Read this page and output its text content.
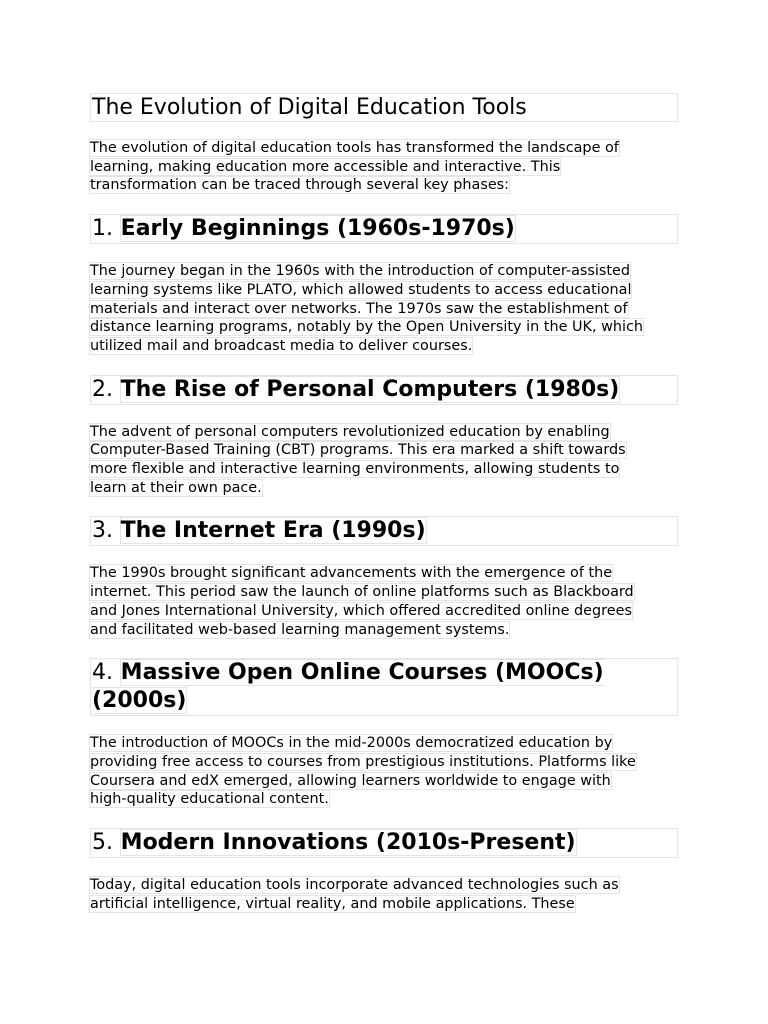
The Evolution of Digital Education Tools

The evolution of digital education tools has transformed the landscape of
learning, making education more accessible and interactive. This
transformation can be traced through several key phases:

1. Early Beginnings (1960s-1970s)

The journey began in the 1960s with the introduction of computer-assisted
learning systems like PLATO, which allowed students to access educational
materials and interact over networks. The 1970s saw the establishment of
distance learning programs, notably by the Open University in the UK, which
utilized mail and broadcast media to deliver courses.

2. The Rise of Personal Computers (1980s)

The advent of personal computers revolutionized education by enabling
Computer-Based Training (CBT) programs. This era marked a shift towards
more flexible and interactive learning environments, allowing students to
learn at their own pace.

3. The Internet Era (1990s)

The 1990s brought significant advancements with the emergence of the
internet. This period saw the launch of online platforms such as Blackboard
and Jones International University, which offered accredited online degrees
and facilitated web-based learning management systems.

4. Massive Open Online Courses (MOOCs) (2000s)

The introduction of MOOCs in the mid-2000s democratized education by
providing free access to courses from prestigious institutions. Platforms like
Coursera and edX emerged, allowing learners worldwide to engage with
high-quality educational content.

5. Modern Innovations (2010s-Present)

Today, digital education tools incorporate advanced technologies such as
artificial intelligence, virtual reality, and mobile applications. These
